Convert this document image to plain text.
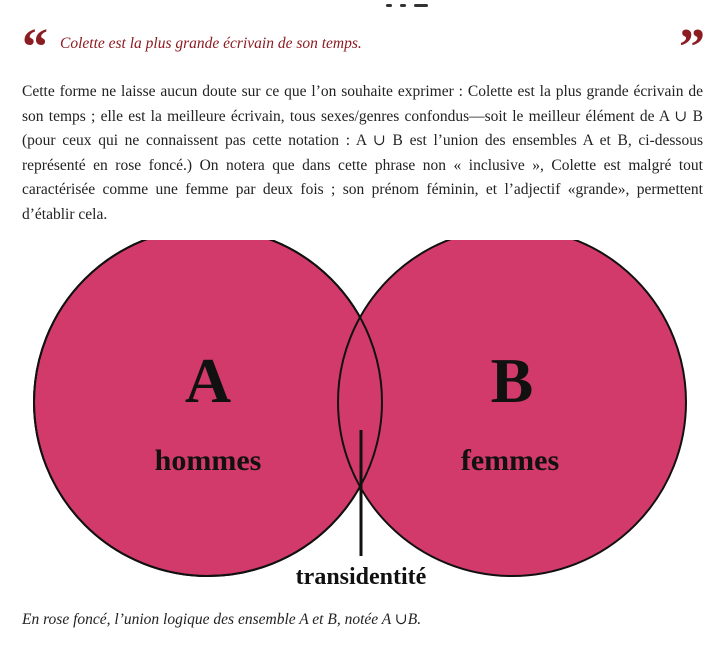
“ Colette est la plus grande écrivain de son temps.	”

Cette forme ne laisse aucun doute sur ce que l’on souhaite exprimer : Colette est la plus grande écrivain de son temps ; elle est la meilleure écrivain, tous sexes/genres confondus—soit le meilleur élément de A ∪ B (pour ceux qui ne connaissent pas cette notation : A ∪ B est l’union des ensembles A et B, ci-dessous représenté en rose foncé.) On notera que dans cette phrase non « inclusive », Colette est malgré tout caractérisée comme une femme par deux fois ; son prénom féminin, et l’adjectif «grande», permettent d’établir cela.

A
hommes
B
femmes
transidentité
En rose foncé, l’union logique des ensemble A et B, notée A ∪B.
